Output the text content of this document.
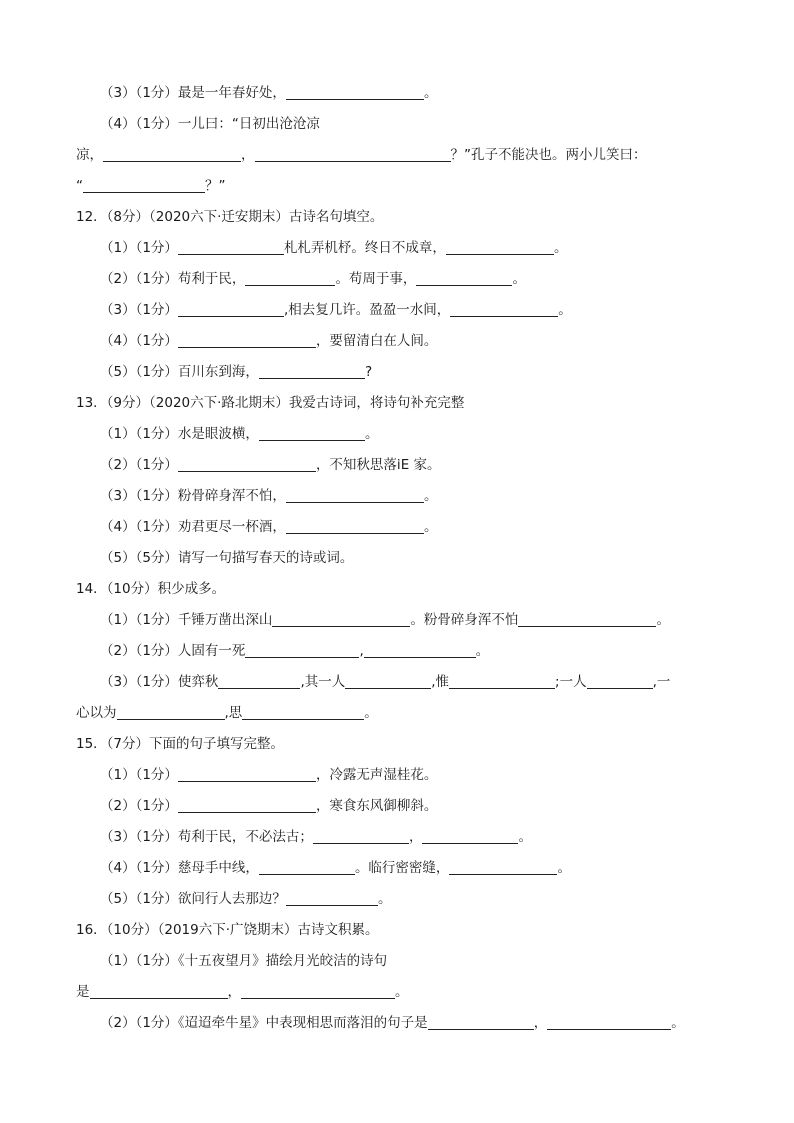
（3）（1分）最是一年春好处，	。
（4）（1分）一儿曰：“日初出沧沧凉
凉，	，	？”孔子不能决也。两小儿笑曰：
“	？”
12．（8分）（2020六下·迁安期末）古诗名句填空。
（1）（1分）	札札弄机杼。终日不成章，	。
（2）（1分）苟利于民，	。苟周于事，	。
（3）（1分）	,相去复几许。盈盈一水间，	。
（4）（1分）	，要留清白在人间。
（5）（1分）百川东到海，	?
13．（9分）（2020六下·路北期末）我爱古诗词，将诗句补充完整
（1）（1分）水是眼波横，	。
（2）（1分）	，不知秋思落iE 家。
（3）（1分）粉骨碎身浑不怕，	。
（4）（1分）劝君更尽一杯酒，	。
（5）（5分）请写一句描写春天的诗或词。
14．（10分）积少成多。
（1）（1分）千锤万凿出深山	。粉骨碎身浑不怕	。
（2）（1分）人固有一死	,	。
（3）（1分）使弈秋	,其一人	,惟	;一人	,一
心以为	,思	。
15．（7分）下面的句子填写完整。
（1）（1分）	，冷露无声湿桂花。
（2）（1分）	，寒食东风御柳斜。
（3）（1分）苟利于民，不必法古；	，	。
（4）（1分）慈母手中线，	。临行密密缝，	。
（5）（1分）欲问行人去那边？	。
16．（10分）（2019六下·广饶期末）古诗文积累。
（1）（1分）《十五夜望月》描绘月光皎洁的诗句
是	，	。
（2）（1分）《迢迢牵牛星》中表现相思而落泪的句子是	，	。
